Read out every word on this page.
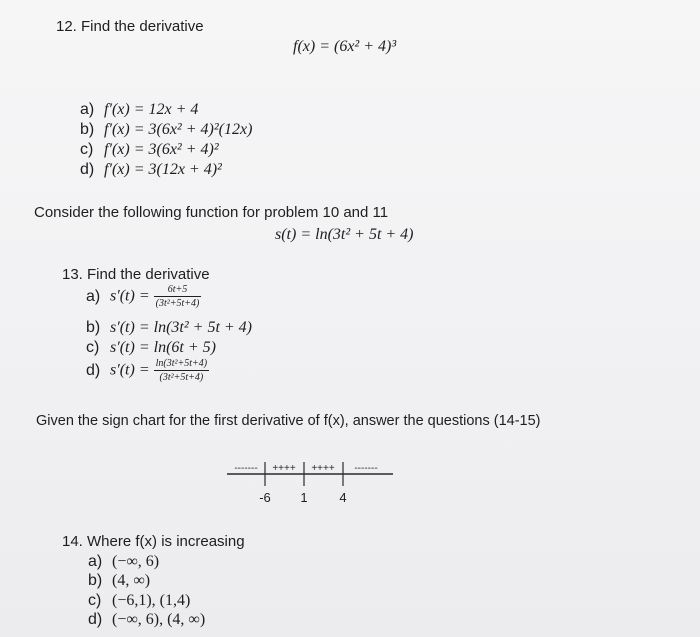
12. Find the derivative
f(x) = (6x² + 4)³
a) f′(x) = 12x + 4
b) f′(x) = 3(6x² + 4)²(12x)
c) f′(x) = 3(6x² + 4)²
d) f′(x) = 3(12x + 4)²
Consider the following function for problem 10 and 11
s(t) = ln(3t² + 5t + 4)
13. Find the derivative
a) $s'(t) = \frac{6t+5}{\text{(3t²+5t+4)}}$
b) s′(t) = ln(3t² + 5t + 4)
c) s′(t) = ln(6t + 5)
d) $s'(t) = \frac{\text{ln(3t²+5t+4)}}{\text{(3t²+5t+4)}}$
Given the sign chart for the first derivative of f(x), answer the questions (14-15)
------- ++++ ++++ -------
-6 1 4
14. Where f(x) is increasing
a) (−∞, 6)
b) (4, ∞)
c) (−6,1), (1,4)
d) (−∞, 6), (4, ∞)
